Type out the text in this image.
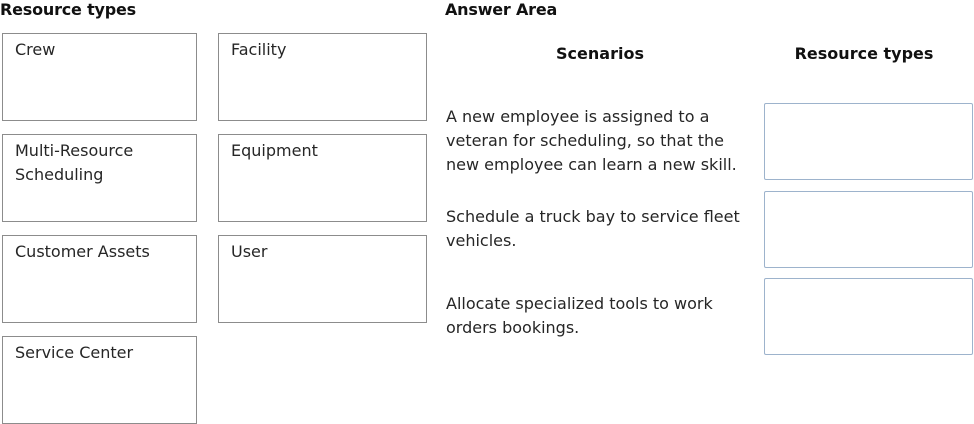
Resource types
Crew	Facility
Multi-Resource Scheduling
Equipment
Customer Assets	User
Service Center
Answer Area
Scenarios	Resource types
A new employee is assigned to a veteran for scheduling, so that the new employee can learn a new skill.
Schedule a truck bay to service fleet vehicles.
Allocate specialized tools to work orders bookings.
